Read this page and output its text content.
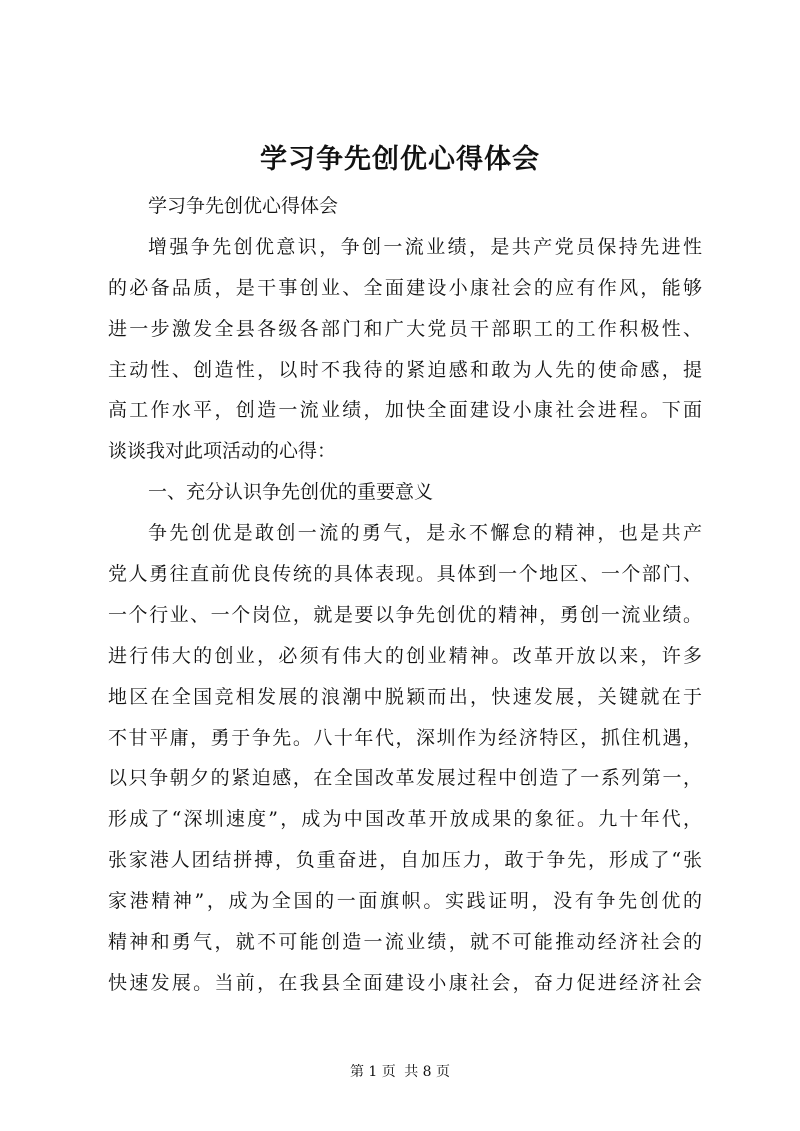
学习争先创优心得体会
学习争先创优心得体会
增强争先创优意识，争创一流业绩，是共产党员保持先进性
的必备品质，是干事创业、全面建设小康社会的应有作风，能够
进一步激发全县各级各部门和广大党员干部职工的工作积极性、
主动性、创造性，以时不我待的紧迫感和敢为人先的使命感，提
高工作水平，创造一流业绩，加快全面建设小康社会进程。下面
谈谈我对此项活动的心得：
一、充分认识争先创优的重要意义
争先创优是敢创一流的勇气，是永不懈怠的精神，也是共产
党人勇往直前优良传统的具体表现。具体到一个地区、一个部门、
一个行业、一个岗位，就是要以争先创优的精神，勇创一流业绩。
进行伟大的创业，必须有伟大的创业精神。改革开放以来，许多
地区在全国竞相发展的浪潮中脱颖而出，快速发展，关键就在于
不甘平庸，勇于争先。八十年代，深圳作为经济特区，抓住机遇，
以只争朝夕的紧迫感，在全国改革发展过程中创造了一系列第一，
形成了“深圳速度”，成为中国改革开放成果的象征。九十年代，
张家港人团结拼搏，负重奋进，自加压力，敢于争先，形成了“张
家港精神”，成为全国的一面旗帜。实践证明，没有争先创优的
精神和勇气，就不可能创造一流业绩，就不可能推动经济社会的
快速发展。当前，在我县全面建设小康社会，奋力促进经济社会
第 1 页 共 8 页
